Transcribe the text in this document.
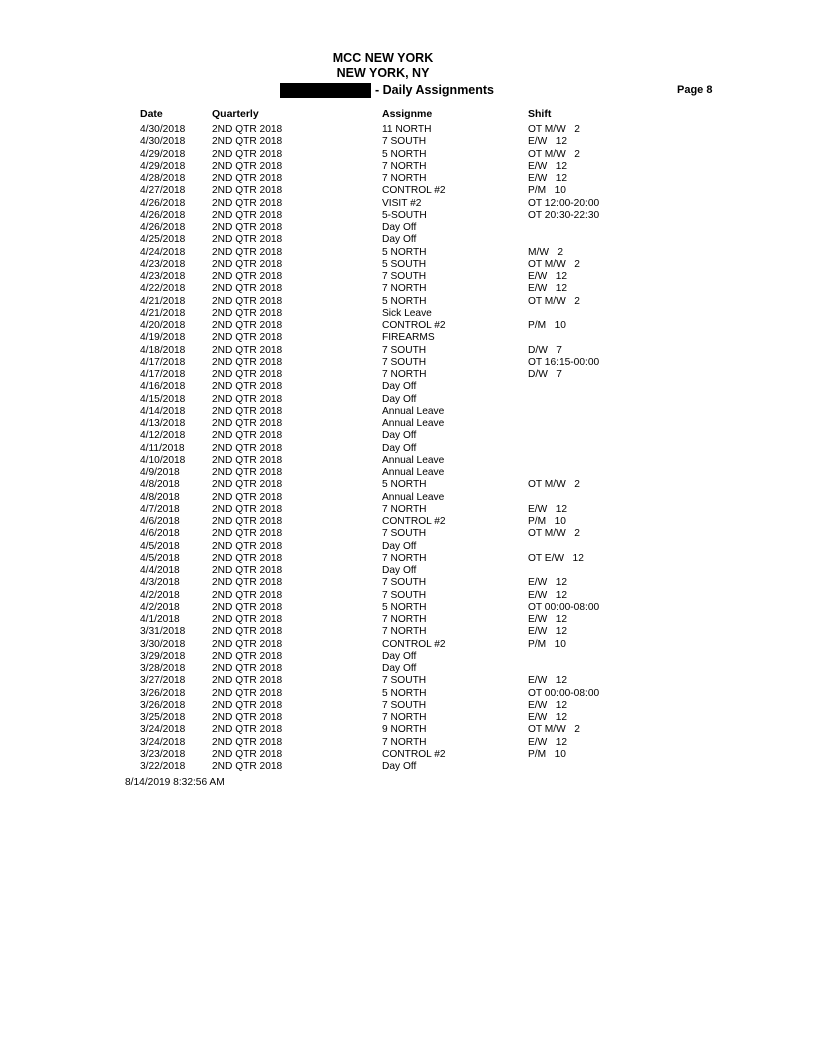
MCC NEW YORK
NEW YORK, NY
- Daily Assignments	Page 8
Date	Quarterly	Assignme	Shift
4/30/2018	2ND QTR 2018	11 NORTH	OT M/W   2
4/30/2018	2ND QTR 2018	7 SOUTH	E/W   12
4/29/2018	2ND QTR 2018	5 NORTH	OT M/W   2
4/29/2018	2ND QTR 2018	7 NORTH	E/W   12
4/28/2018	2ND QTR 2018	7 NORTH	E/W   12
4/27/2018	2ND QTR 2018	CONTROL #2	P/M   10
4/26/2018	2ND QTR 2018	VISIT #2	OT 12:00-20:00
4/26/2018	2ND QTR 2018	5-SOUTH	OT 20:30-22:30
4/26/2018	2ND QTR 2018	Day Off
4/25/2018	2ND QTR 2018	Day Off
4/24/2018	2ND QTR 2018	5 NORTH	M/W   2
4/23/2018	2ND QTR 2018	5 SOUTH	OT M/W   2
4/23/2018	2ND QTR 2018	7 SOUTH	E/W   12
4/22/2018	2ND QTR 2018	7 NORTH	E/W   12
4/21/2018	2ND QTR 2018	5 NORTH	OT M/W   2
4/21/2018	2ND QTR 2018	Sick Leave
4/20/2018	2ND QTR 2018	CONTROL #2	P/M   10
4/19/2018	2ND QTR 2018	FIREARMS
4/18/2018	2ND QTR 2018	7 SOUTH	D/W   7
4/17/2018	2ND QTR 2018	7 SOUTH	OT 16:15-00:00
4/17/2018	2ND QTR 2018	7 NORTH	D/W   7
4/16/2018	2ND QTR 2018	Day Off
4/15/2018	2ND QTR 2018	Day Off
4/14/2018	2ND QTR 2018	Annual Leave
4/13/2018	2ND QTR 2018	Annual Leave
4/12/2018	2ND QTR 2018	Day Off
4/11/2018	2ND QTR 2018	Day Off
4/10/2018	2ND QTR 2018	Annual Leave
4/9/2018	2ND QTR 2018	Annual Leave
4/8/2018	2ND QTR 2018	5 NORTH	OT M/W   2
4/8/2018	2ND QTR 2018	Annual Leave
4/7/2018	2ND QTR 2018	7 NORTH	E/W   12
4/6/2018	2ND QTR 2018	CONTROL #2	P/M   10
4/6/2018	2ND QTR 2018	7 SOUTH	OT M/W   2
4/5/2018	2ND QTR 2018	Day Off
4/5/2018	2ND QTR 2018	7 NORTH	OT E/W   12
4/4/2018	2ND QTR 2018	Day Off
4/3/2018	2ND QTR 2018	7 SOUTH	E/W   12
4/2/2018	2ND QTR 2018	7 SOUTH	E/W   12
4/2/2018	2ND QTR 2018	5 NORTH	OT 00:00-08:00
4/1/2018	2ND QTR 2018	7 NORTH	E/W   12
3/31/2018	2ND QTR 2018	7 NORTH	E/W   12
3/30/2018	2ND QTR 2018	CONTROL #2	P/M   10
3/29/2018	2ND QTR 2018	Day Off
3/28/2018	2ND QTR 2018	Day Off
3/27/2018	2ND QTR 2018	7 SOUTH	E/W   12
3/26/2018	2ND QTR 2018	5 NORTH	OT 00:00-08:00
3/26/2018	2ND QTR 2018	7 SOUTH	E/W   12
3/25/2018	2ND QTR 2018	7 NORTH	E/W   12
3/24/2018	2ND QTR 2018	9 NORTH	OT M/W   2
3/24/2018	2ND QTR 2018	7 NORTH	E/W   12
3/23/2018	2ND QTR 2018	CONTROL #2	P/M   10
3/22/2018	2ND QTR 2018	Day Off
8/14/2019 8:32:56 AM
